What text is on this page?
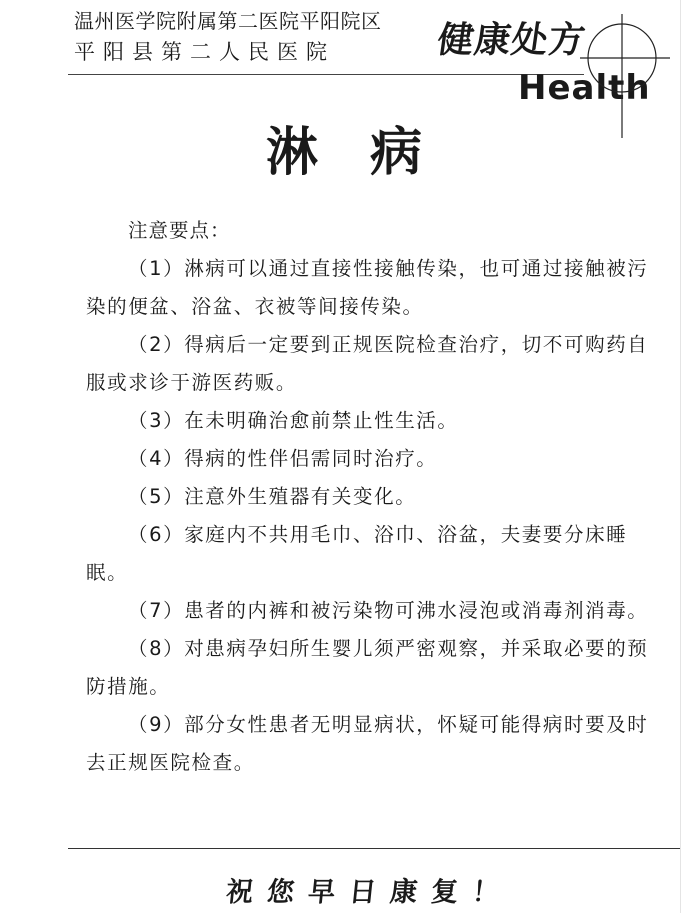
温州医学院附属第二医院平阳院区
平阳县第二人民医院	健康处方
Health
淋病
注意要点：
（1）淋病可以通过直接性接触传染，也可通过接触被污染的便盆、浴盆、衣被等间接传染。
（2）得病后一定要到正规医院检查治疗，切不可购药自服或求诊于游医药贩。
（3）在未明确治愈前禁止性生活。
（4）得病的性伴侣需同时治疗。
（5）注意外生殖器有关变化。
（6）家庭内不共用毛巾、浴巾、浴盆，夫妻要分床睡眠。
（7）患者的内裤和被污染物可沸水浸泡或消毒剂消毒。
（8）对患病孕妇所生婴儿须严密观察，并采取必要的预防措施。
（9）部分女性患者无明显病状，怀疑可能得病时要及时去正规医院检查。
祝您早日康复！
